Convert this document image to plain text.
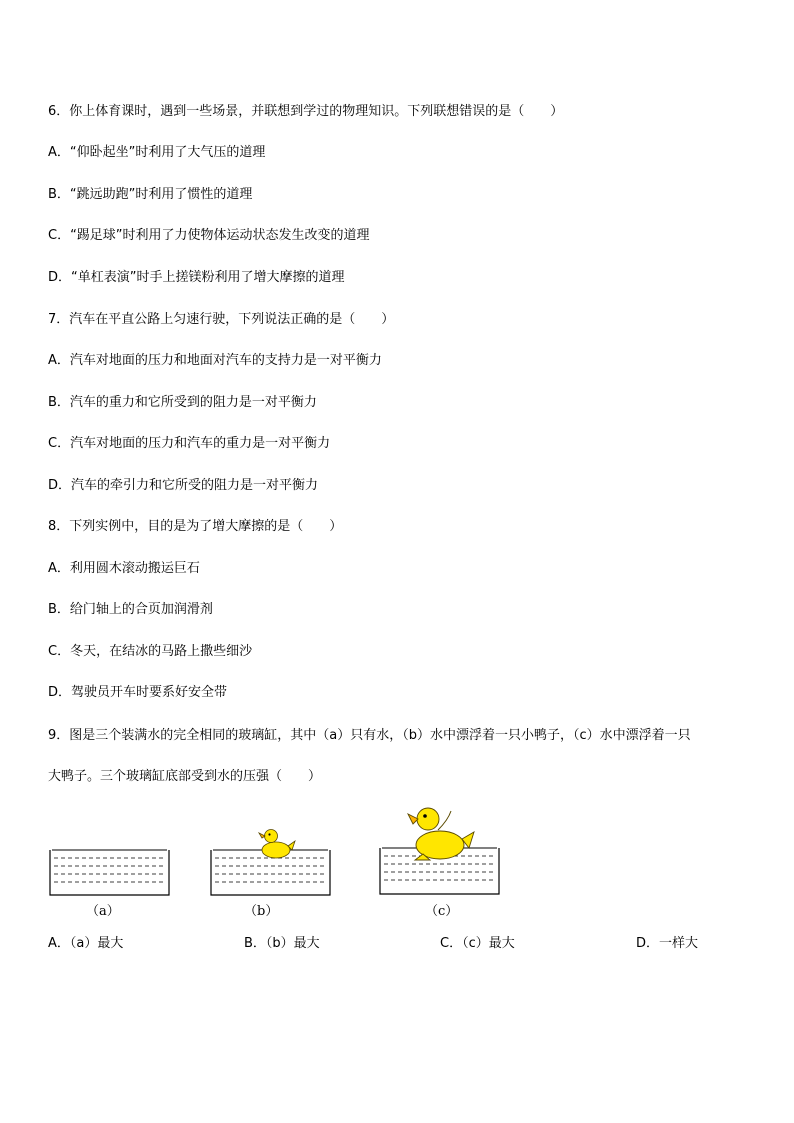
6．你上体育课时，遇到一些场景，并联想到学过的物理知识。下列联想错误的是（　　）
A．“仰卧起坐”时利用了大气压的道理
B．“跳远助跑”时利用了惯性的道理
C．“踢足球”时利用了力使物体运动状态发生改变的道理
D．“单杠表演”时手上搓镁粉利用了增大摩擦的道理
7．汽车在平直公路上匀速行驶，下列说法正确的是（　　）
A．汽车对地面的压力和地面对汽车的支持力是一对平衡力
B．汽车的重力和它所受到的阻力是一对平衡力
C．汽车对地面的压力和汽车的重力是一对平衡力
D．汽车的牵引力和它所受的阻力是一对平衡力
8．下列实例中，目的是为了增大摩擦的是（　　）
A．利用圆木滚动搬运巨石
B．给门轴上的合页加润滑剂
C．冬天，在结冰的马路上撒些细沙
D．驾驶员开车时要系好安全带
9．图是三个装满水的完全相同的玻璃缸，其中（a）只有水，（b）水中漂浮着一只小鸭子，（c）水中漂浮着一只
大鸭子。三个玻璃缸底部受到水的压强（　　）
（a）	（b）	（c）
A．（a）最大	B．（b）最大	C．（c）最大	D．一样大
